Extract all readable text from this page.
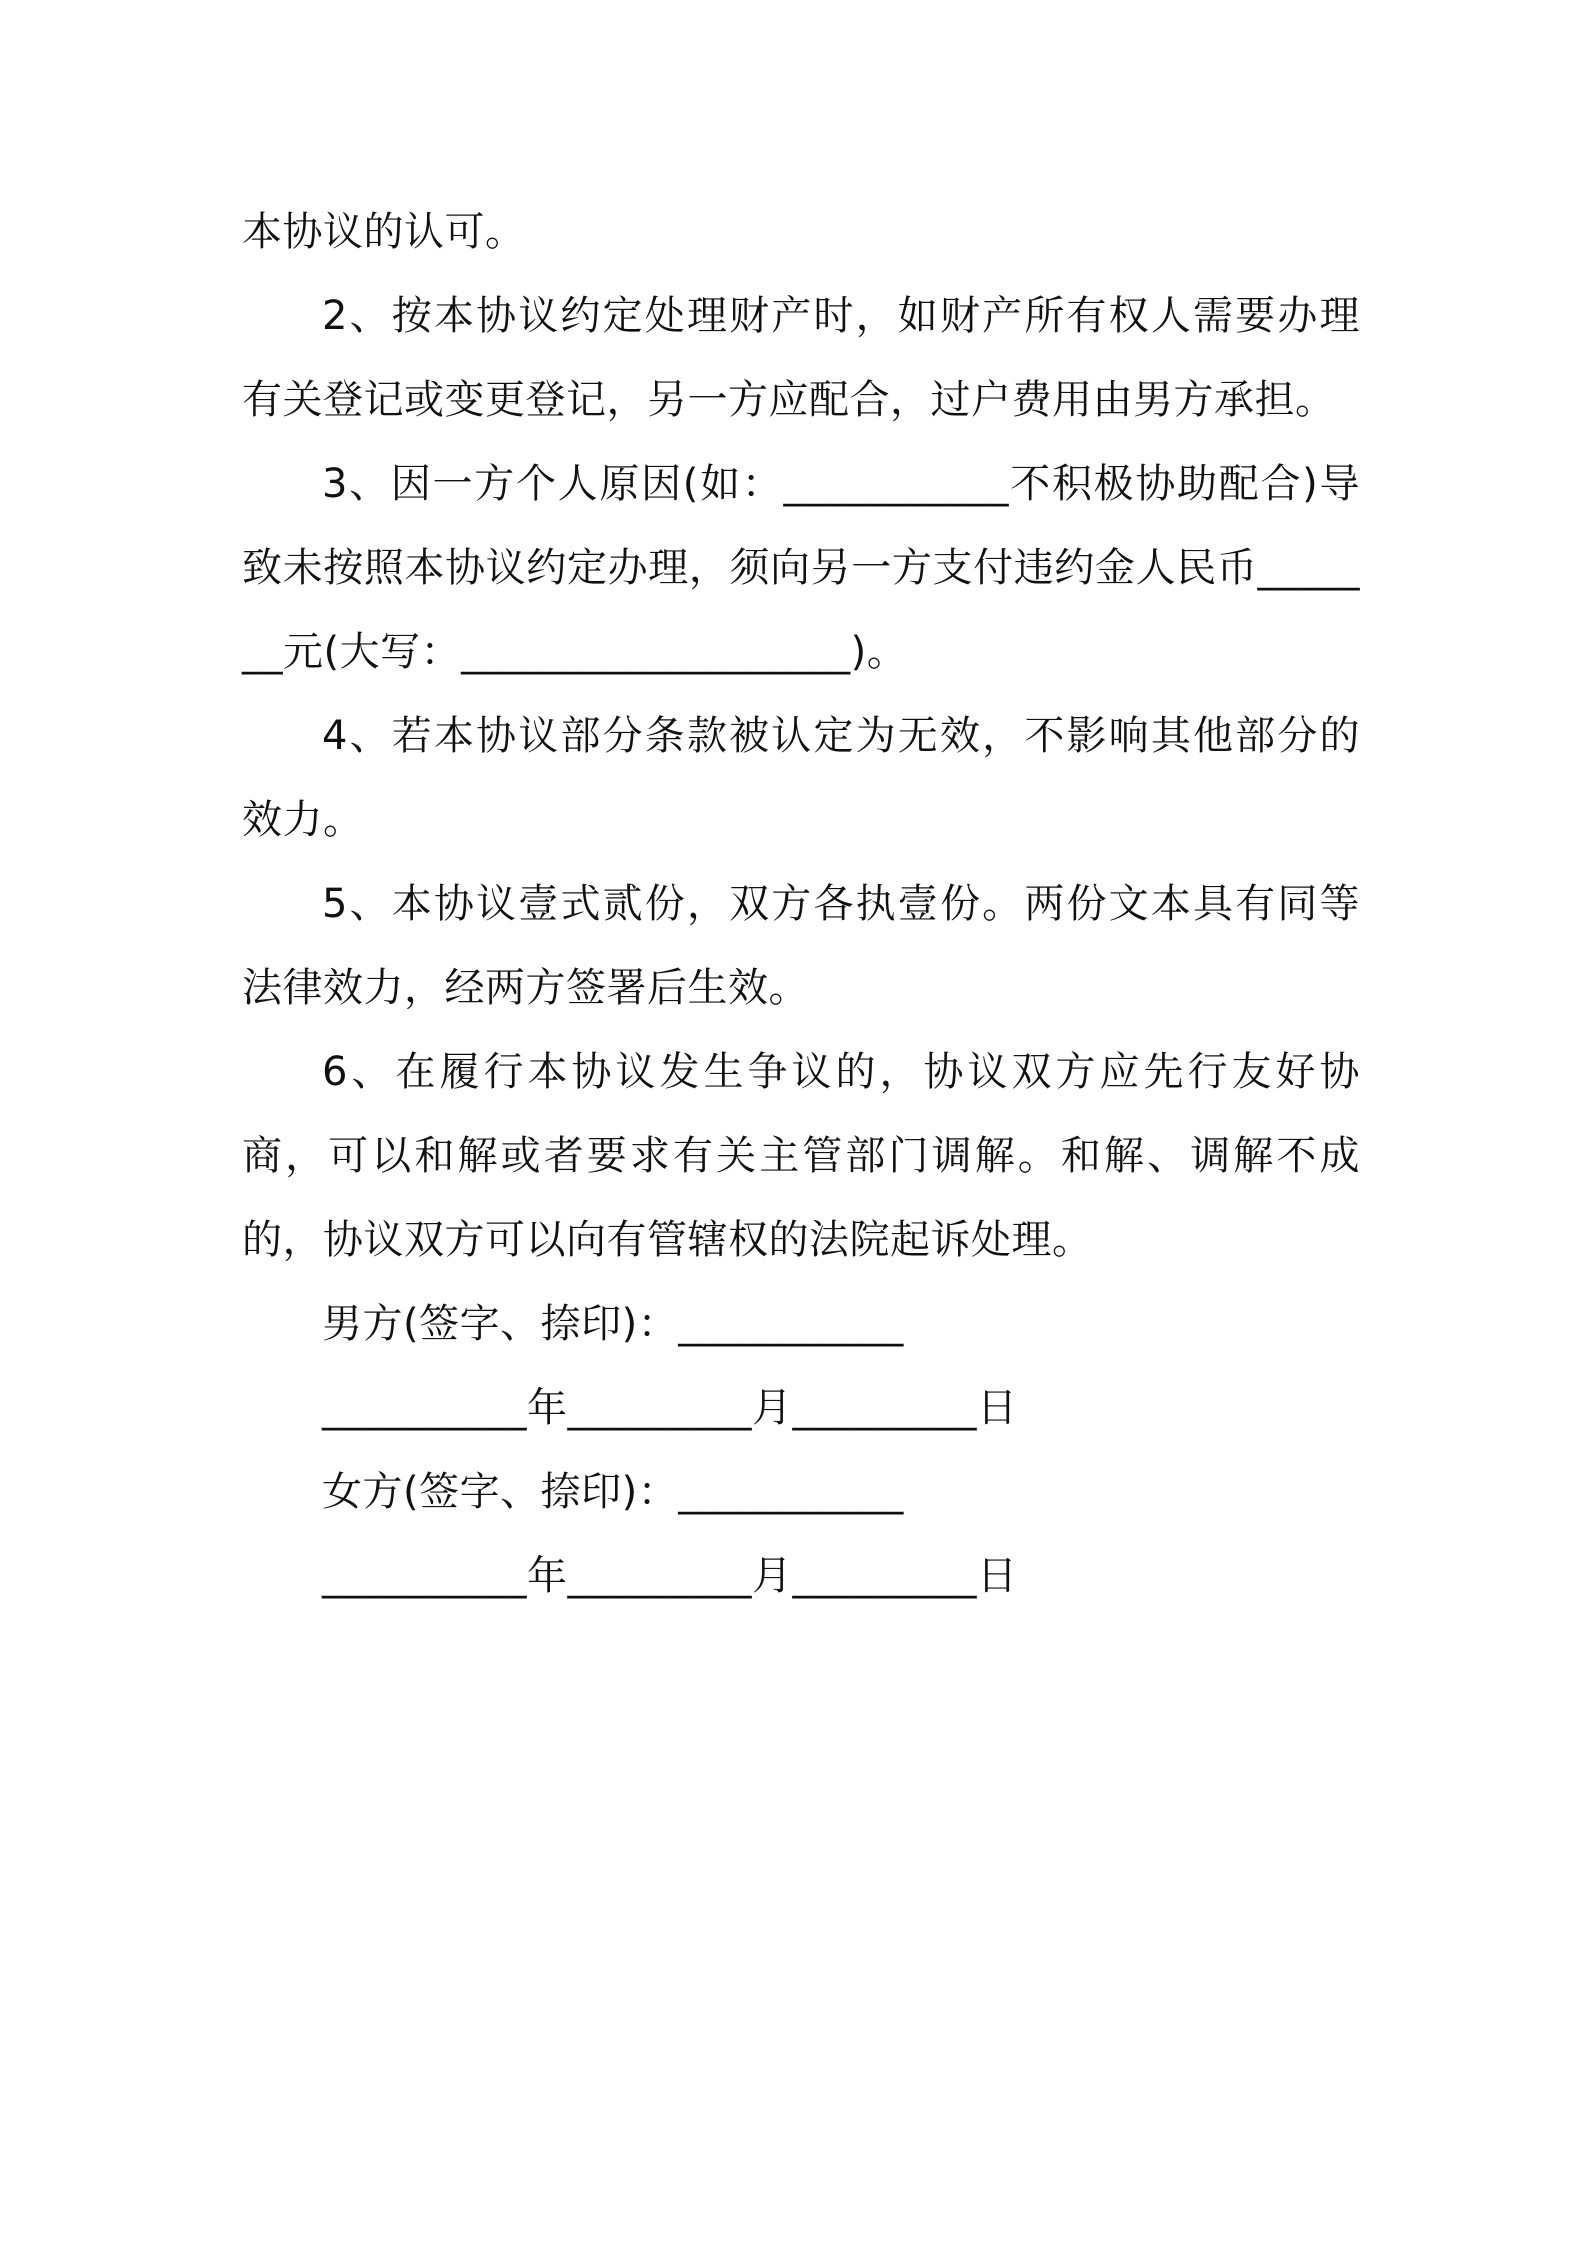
本协议的认可。

2、按本协议约定处理财产时，如财产所有权人需要办理有关登记或变更登记，另一方应配合，过户费用由男方承担。

3、因一方个人原因(如：___________不积极协助配合)导致未按照本协议约定办理，须向另一方支付违约金人民币_______元(大写：___________________)。

4、若本协议部分条款被认定为无效，不影响其他部分的效力。

5、本协议壹式贰份，双方各执壹份。两份文本具有同等法律效力，经两方签署后生效。

6、在履行本协议发生争议的，协议双方应先行友好协商，可以和解或者要求有关主管部门调解。和解、调解不成的，协议双方可以向有管辖权的法院起诉处理。

男方(签字、捺印)：___________

__________年_________月_________日

女方(签字、捺印)：___________

__________年_________月_________日
